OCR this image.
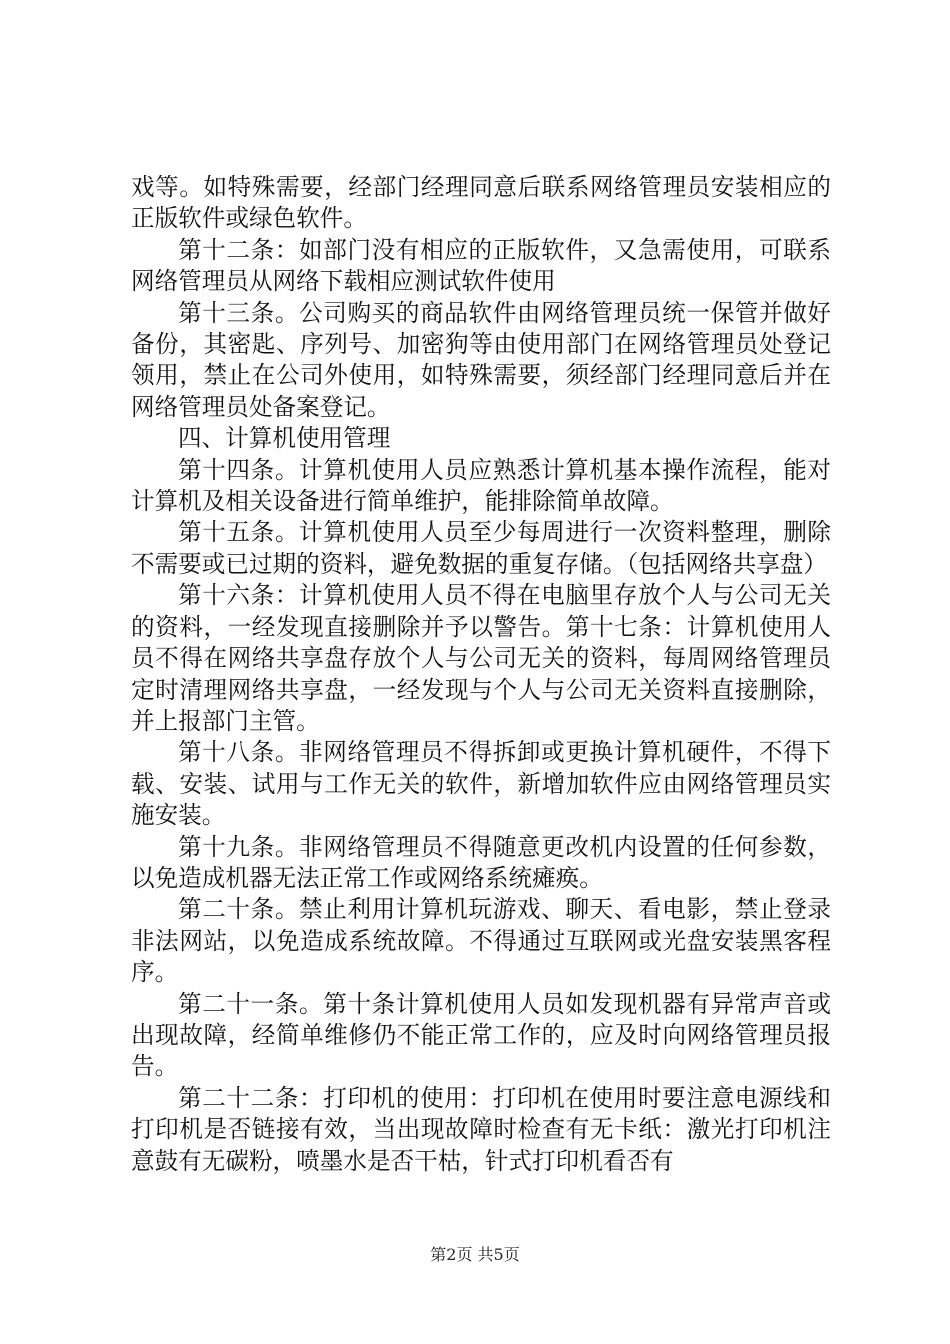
戏等。如特殊需要，经部门经理同意后联系网络管理员安装相应的正版软件或绿色软件。

第十二条：如部门没有相应的正版软件，又急需使用，可联系网络管理员从网络下载相应测试软件使用

第十三条。公司购买的商品软件由网络管理员统一保管并做好备份，其密匙、序列号、加密狗等由使用部门在网络管理员处登记领用，禁止在公司外使用，如特殊需要，须经部门经理同意后并在网络管理员处备案登记。

四、计算机使用管理

第十四条。计算机使用人员应熟悉计算机基本操作流程，能对计算机及相关设备进行简单维护，能排除简单故障。

第十五条。计算机使用人员至少每周进行一次资料整理，删除不需要或已过期的资料，避免数据的重复存储。（包括网络共享盘）

第十六条：计算机使用人员不得在电脑里存放个人与公司无关的资料，一经发现直接删除并予以警告。第十七条：计算机使用人员不得在网络共享盘存放个人与公司无关的资料，每周网络管理员定时清理网络共享盘，一经发现与个人与公司无关资料直接删除，并上报部门主管。

第十八条。非网络管理员不得拆卸或更换计算机硬件，不得下载、安装、试用与工作无关的软件，新增加软件应由网络管理员实施安装。

第十九条。非网络管理员不得随意更改机内设置的任何参数，以免造成机器无法正常工作或网络系统瘫痪。

第二十条。禁止利用计算机玩游戏、聊天、看电影，禁止登录非法网站，以免造成系统故障。不得通过互联网或光盘安装黑客程序。

第二十一条。第十条计算机使用人员如发现机器有异常声音或出现故障，经简单维修仍不能正常工作的，应及时向网络管理员报告。

第二十二条：打印机的使用：打印机在使用时要注意电源线和打印机是否链接有效，当出现故障时检查有无卡纸：激光打印机注意鼓有无碳粉，喷墨水是否干枯，针式打印机看否有

第2页 共5页
